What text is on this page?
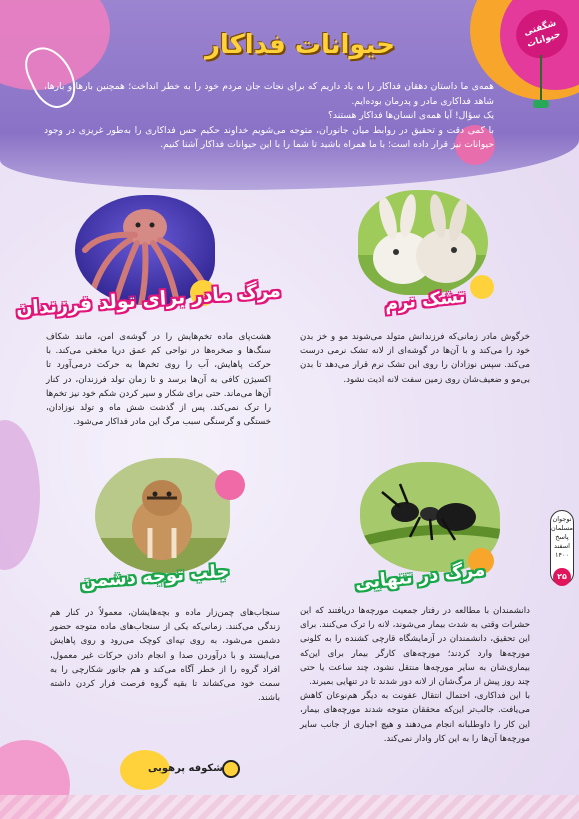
حیوانات فداکار
شگفتی حیوانات

همه‌ی ما داستان دهقان فداکار را به یاد داریم که برای نجات جان مردم خود را به خطر انداخت؛ همچنین بارها و بارها، شاهد فداکاری مادر و پدرمان بوده‌ایم.

یک سؤال! آیا همه‌ی انسان‌ها فداکار هستند؟

با کمی دقت و تحقیق در روابط میان جانوران، متوجه می‌شویم خداوند حکیم حس فداکاری را به‌طور غریزی در وجود حیوانات نیز قرار داده است؛ با ما همراه باشید تا شما را با این حیوانات فداکار آشنا کنیم.

مرگ مادر برای تولد فرزندان

هشت‌پای ماده تخم‌هایش را در گوشه‌ی امن، مانند شکاف سنگ‌ها و صخره‌ها در نواحی کم عمق دریا مخفی می‌کند. با حرکت پاهایش، آب را روی تخم‌ها به حرکت درمی‌آورد تا اکسیژن کافی به آن‌ها برسد و تا زمان تولد فرزندان، در کنار آن‌ها می‌ماند. حتی برای شکار و سیر کردن شکم خود نیز تخم‌ها را ترک نمی‌کند. پس از گذشت شش ماه و تولد نوزادان، خستگی و گرسنگی سبب مرگ این مادر فداکار می‌شود.

تشک نرم

خرگوش مادر زمانی‌که فرزندانش متولد می‌شوند مو و خز بدن خود را می‌کند و با آن‌ها در گوشه‌ای از لانه تشک نرمی درست می‌کند. سپس نوزادان را روی این تشک نرم قرار می‌دهد تا بدن بی‌مو و ضعیف‌شان روی زمین سفت لانه اذیت نشود.

جلب توجه دشمن

سنجاب‌های چمن‌زار ماده و بچه‌هایشان، معمولاً در کنار هم زندگی می‌کنند. زمانی‌که یکی از سنجاب‌های ماده متوجه حضور دشمن می‌شود، به روی تپه‌ای کوچک می‌رود و روی پاهایش می‌ایستد و با درآوردن صدا و انجام دادن حرکات غیر معمول، افراد گروه را از خطر آگاه می‌کند و هم جانور شکارچی را به سمت خود می‌کشاند تا بقیه گروه فرصت فرار کردن داشته باشند.

مرگ در تنهایی

دانشمندان با مطالعه در رفتار جمعیت مورچه‌ها دریافتند که این حشرات وقتی به شدت بیمار می‌شوند، لانه را ترک می‌کنند. برای این تحقیق، دانشمندان در آزمایشگاه قارچی کشنده را به کلونی مورچه‌ها وارد کردند؛ مورچه‌های کارگر بیمار برای این‌که بیماری‌شان به سایر مورچه‌ها منتقل نشود، چند ساعت یا حتی چند روز پیش از مرگ‌شان از لانه دور شدند تا در تنهایی بمیرند.

با این فداکاری، احتمال انتقال عفونت به دیگر هم‌نوعان کاهش می‌یافت. جالب‌تر این‌که محققان متوجه شدند مورچه‌های بیمار، این کار را داوطلبانه انجام می‌دهند و هیچ اجباری از جانب سایر مورچه‌ها آن‌ها را به این کار وادار نمی‌کند.

نوجوان
مسلمان
پاسخ
اسفند ۱۴۰۰
۲۵
شکوفه پرهوبی
